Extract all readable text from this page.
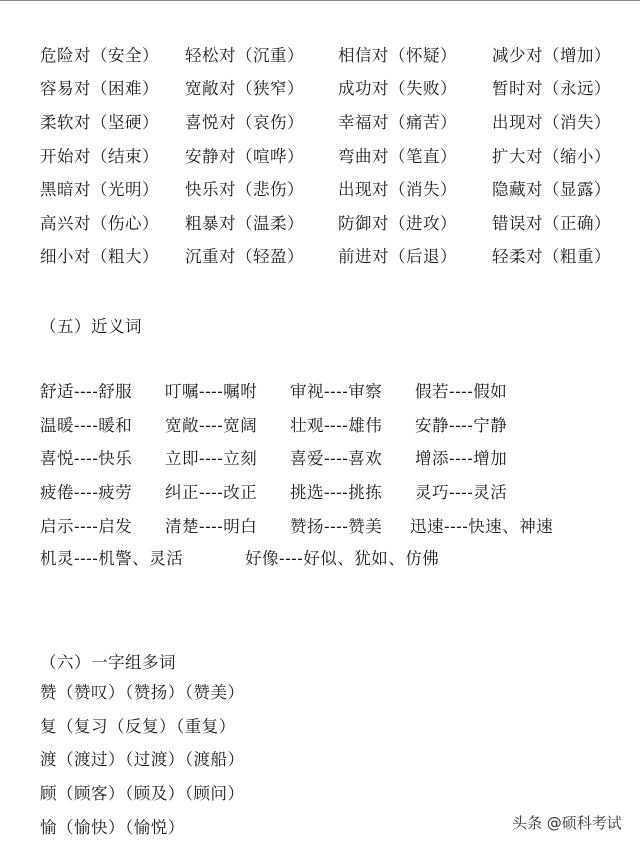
危险对（安全） 轻松对（沉重） 相信对（怀疑） 减少对（增加）
容易对（困难） 宽敞对（狭窄） 成功对（失败） 暂时对（永远）
柔软对（坚硬） 喜悦对（哀伤） 幸福对（痛苦） 出现对（消失）
开始对（结束） 安静对（喧哗） 弯曲对（笔直） 扩大对（缩小）
黑暗对（光明） 快乐对（悲伤） 出现对（消失） 隐藏对（显露）
高兴对（伤心） 粗暴对（温柔） 防御对（进攻） 错误对（正确）
细小对（粗大） 沉重对（轻盈） 前进对（后退） 轻柔对（粗重）
（五）近义词
舒适----舒服 叮嘱----嘱咐 审视----审察 假若----假如
温暖----暖和 宽敞----宽阔 壮观----雄伟 安静----宁静
喜悦----快乐 立即----立刻 喜爱----喜欢 增添----增加
疲倦----疲劳 纠正----改正 挑选----挑拣 灵巧----灵活
启示----启发 清楚----明白 赞扬----赞美 迅速----快速、神速
机灵----机警、灵活	好像----好似、犹如、仿佛
（六）一字组多词
赞（赞叹）（赞扬）（赞美）
复（复习（反复）（重复）
渡（渡过）（过渡）（渡船）
顾（顾客）（顾及）（顾问）
愉（愉快）（愉悦）	头条 @硕科考试
